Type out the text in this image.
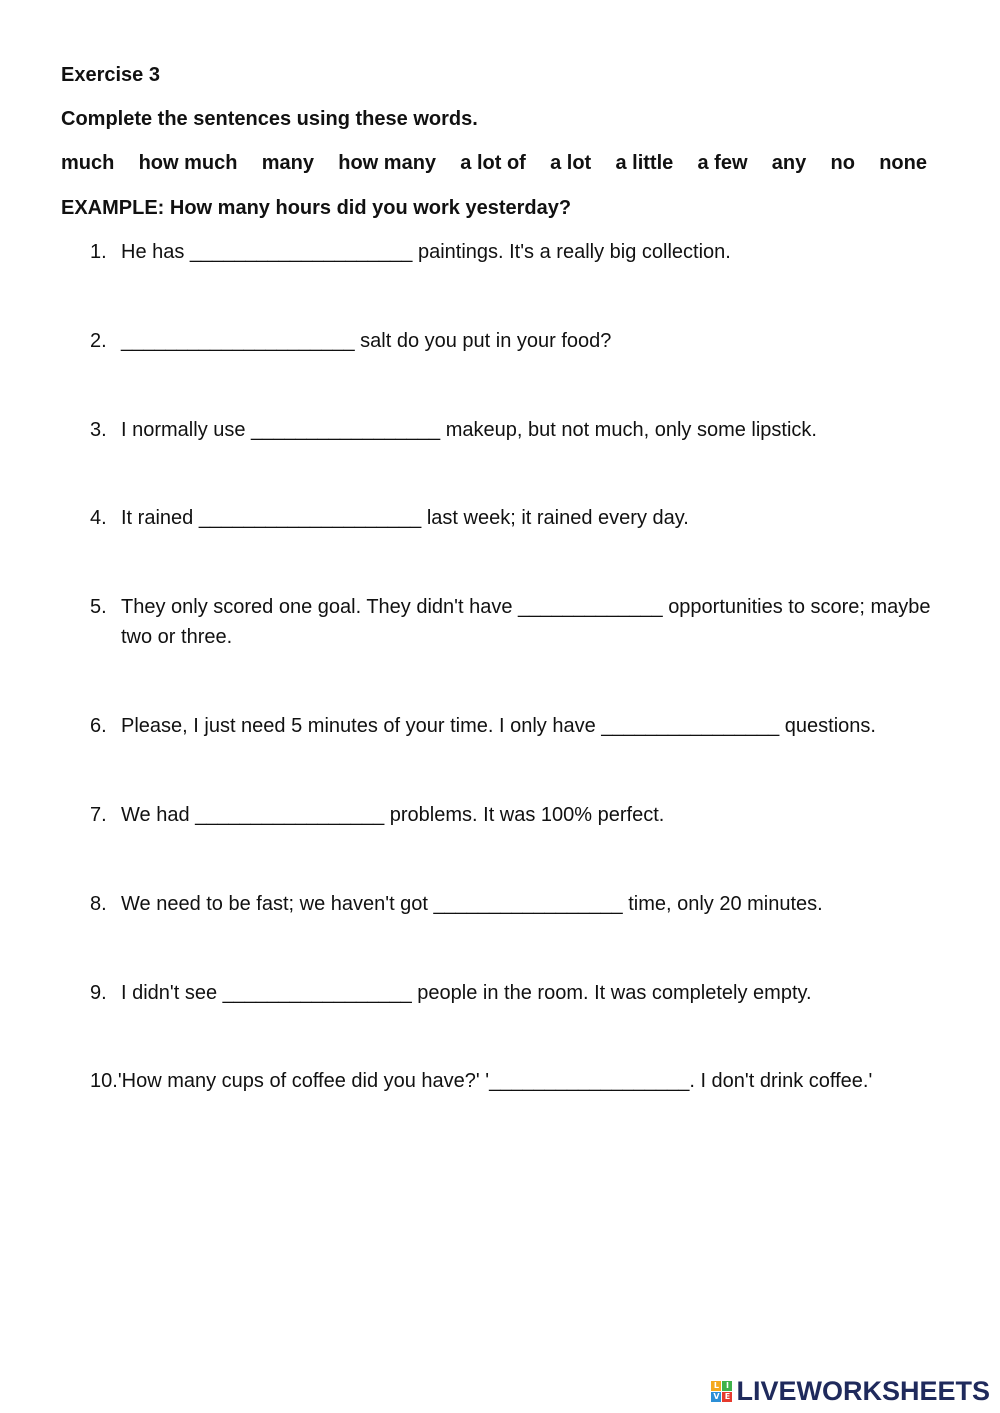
Exercise 3
Complete the sentences using these words.
much how much many how many a lot of a lot a little a few any no none
EXAMPLE: How many hours did you work yesterday?
1. He has ____________________ paintings. It's a really big collection.
2. _____________________ salt do you put in your food?
3. I normally use _________________ makeup, but not much, only some lipstick.
4. It rained ____________________ last week; it rained every day.
5. They only scored one goal. They didn't have _____________ opportunities to score; maybe two or three.
6. Please, I just need 5 minutes of your time. I only have ________________ questions.
7. We had _________________ problems. It was 100% perfect.
8. We need to be fast; we haven't got _________________ time, only 20 minutes.
9. I didn't see _________________ people in the room. It was completely empty.
10. 'How many cups of coffee did you have?' '__________________. I don't drink coffee.'
L I
V E LIVEWORKSHEETS
